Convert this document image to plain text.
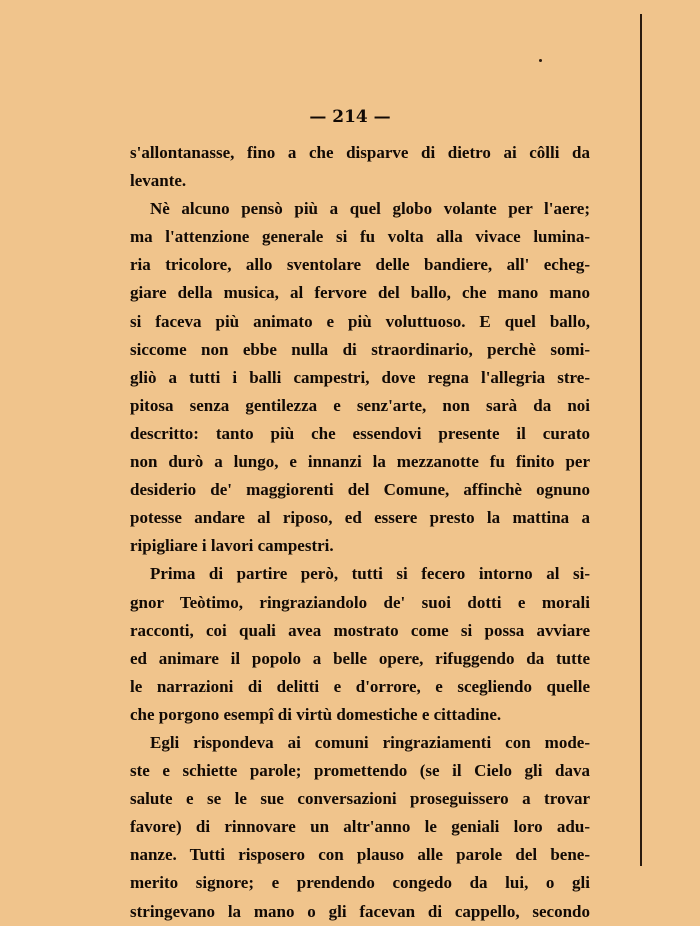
— 214 —
s'allontanasse, fino a che disparve di dietro ai côlli da
levante.
Nè alcuno pensò più a quel globo volante per l'aere;
ma l'attenzione generale si fu volta alla vivace lumina-
ria tricolore, allo sventolare delle bandiere, all' echeg-
giare della musica, al fervore del ballo, che mano mano
si faceva più animato e più voluttuoso. E quel ballo,
siccome non ebbe nulla di straordinario, perchè somi-
gliò a tutti i balli campestri, dove regna l'allegria stre-
pitosa senza gentilezza e senz'arte, non sarà da noi
descritto: tanto più che essendovi presente il curato
non durò a lungo, e innanzi la mezzanotte fu finito per
desiderio de' maggiorenti del Comune, affinchè ognuno
potesse andare al riposo, ed essere presto la mattina a
ripigliare i lavori campestri.
Prima di partire però, tutti si fecero intorno al si-
gnor Teòtimo, ringraziandolo de' suoi dotti e morali
racconti, coi quali avea mostrato come si possa avviare
ed animare il popolo a belle opere, rifuggendo da tutte
le narrazioni di delitti e d'orrore, e scegliendo quelle
che porgono esempî di virtù domestiche e cittadine.
Egli rispondeva ai comuni ringraziamenti con mode-
ste e schiette parole; promettendo (se il Cielo gli dava
salute e se le sue conversazioni proseguissero a trovar
favore) di rinnovare un altr'anno le geniali loro adu-
nanze. Tutti risposero con plauso alle parole del bene-
merito signore; e prendendo congedo da lui, o gli
stringevano la mano o gli facevan di cappello, secondo
